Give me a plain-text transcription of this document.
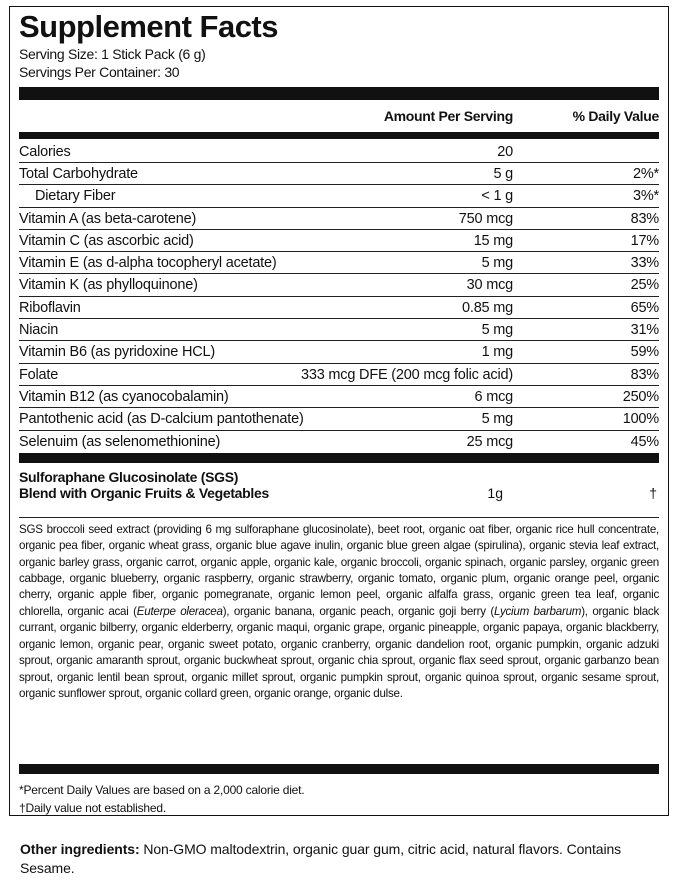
Supplement Facts
Serving Size: 1 Stick Pack (6 g)
Servings Per Container: 30
Amount Per Serving	% Daily Value
Calories	20
Total Carbohydrate	5 g	2%*
Dietary Fiber	< 1 g	3%*
Vitamin A (as beta-carotene)	750 mcg	83%
Vitamin C (as ascorbic acid)	15 mg	17%
Vitamin E (as d-alpha tocopheryl acetate)	5 mg	33%
Vitamin K (as phylloquinone)	30 mcg	25%
Riboflavin	0.85 mg	65%
Niacin	5 mg	31%
Vitamin B6 (as pyridoxine HCL)	1 mg	59%
Folate	333 mcg DFE (200 mcg folic acid)	83%
Vitamin B12 (as cyanocobalamin)	6 mcg	250%
Pantothenic acid (as D-calcium pantothenate)	5 mg	100%
Selenuim (as selenomethionine)	25 mcg	45%
Sulforaphane Glucosinolate (SGS)
Blend with Organic Fruits & Vegetables	1g	†
SGS broccoli seed extract (providing 6 mg sulforaphane glucosinolate), beet root, organic oat fiber, organic rice hull concentrate, organic pea fiber, organic wheat grass, organic blue agave inulin, organic blue green algae (spirulina), organic stevia leaf extract, organic barley grass, organic carrot, organic apple, organic kale, organic broccoli, organic spinach, organic parsley, organic green cabbage, organic blueberry, organic raspberry, organic strawberry, organic tomato, organic plum, organic orange peel, organic cherry, organic apple fiber, organic pomegranate, organic lemon peel, organic alfalfa grass, organic green tea leaf, organic chlorella, organic acai (Euterpe oleracea), organic banana, organic peach, organic goji berry (Lycium barbarum), organic black currant, organic bilberry, organic elderberry, organic maqui, organic grape, organic pineapple, organic papaya, organic blackberry, organic lemon, organic pear, organic sweet potato, organic cranberry, organic dandelion root, organic pumpkin, organic adzuki sprout, organic amaranth sprout, organic buckwheat sprout, organic chia sprout, organic flax seed sprout, organic garbanzo bean sprout, organic lentil bean sprout, organic millet sprout, organic pumpkin sprout, organic quinoa sprout, organic sesame sprout, organic sunflower sprout, organic collard green, organic orange, organic dulse.
*Percent Daily Values are based on a 2,000 calorie diet.
†Daily value not established.
Other ingredients: Non-GMO maltodextrin, organic guar gum, citric acid, natural flavors. Contains Sesame.
